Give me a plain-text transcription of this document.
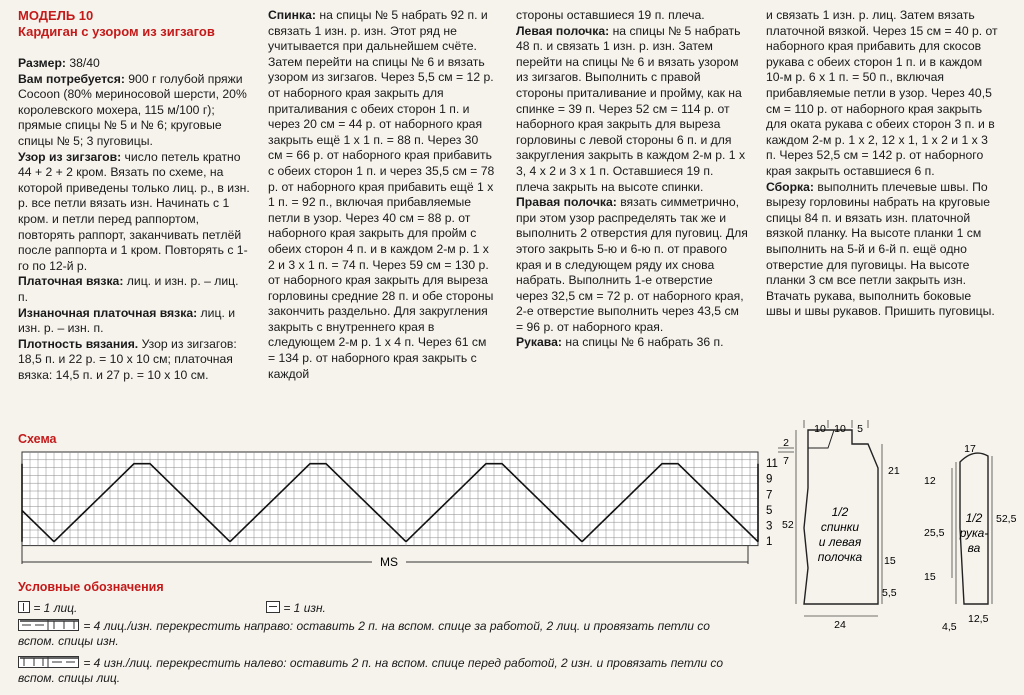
МОДЕЛЬ 10

Кардиган с узором из зигзагов

Размер: 38/40

Вам потребуется: 900 г голубой пряжи Cocoon (80% мериносовой шерсти, 20% королевского мохера, 115 м/100 г); прямые спицы № 5 и № 6; круговые спицы № 5; 3 пуговицы.

Узор из зигзагов: число петель кратно 44 + 2 + 2 кром. Вязать по схеме, на которой приведены только лиц. р., в изн. р. все петли вязать изн. Начинать с 1 кром. и петли перед раппортом, повторять раппорт, заканчивать петлёй после раппорта и 1 кром. Повторять с 1-го по 12-й р.

Платочная вязка: лиц. и изн. р. – лиц. п.

Изнаночная платочная вязка: лиц. и изн. р. – изн. п.

Плотность вязания. Узор из зигзагов: 18,5 п. и 22 р. = 10 х 10 см; платочная вязка: 14,5 п. и 27 р. = 10 х 10 см.

Спинка: на спицы № 5 набрать 92 п. и связать 1 изн. р. изн. Этот ряд не учитывается при дальнейшем счёте. Затем перейти на спицы № 6 и вязать узором из зигзагов. Через 5,5 см = 12 р. от наборного края закрыть для приталивания с обеих сторон 1 п. и через 20 см = 44 р. от наборного края закрыть ещё 1 х 1 п. = 88 п. Через 30 см = 66 р. от наборного края прибавить с обеих сторон 1 п. и через 35,5 см = 78 р. от наборного края прибавить ещё 1 х 1 п. = 92 п., включая прибавляемые петли в узор. Через 40 см = 88 р. от наборного края закрыть для пройм с обеих сторон 4 п. и в каждом 2-м р. 1 х 2 и 3 х 1 п. = 74 п. Через 59 см = 130 р. от наборного края закрыть для выреза горловины средние 28 п. и обе стороны закончить раздельно. Для закругления закрыть с внутреннего края в следующем 2-м р. 1 х 4 п. Через 61 см = 134 р. от наборного края закрыть с каждой

стороны оставшиеся 19 п. плеча.

Левая полочка: на спицы № 5 набрать 48 п. и связать 1 изн. р. изн. Затем перейти на спицы № 6 и вязать узором из зигзагов. Выполнить с правой стороны приталивание и пройму, как на спинке = 39 п. Через 52 см = 114 р. от наборного края закрыть для выреза горловины с левой стороны 6 п. и для закругления закрыть в каждом 2-м р. 1 х 3, 4 х 2 и 3 х 1 п. Оставшиеся 19 п. плеча закрыть на высоте спинки.

Правая полочка: вязать симметрично, при этом узор распределять так же и выполнить 2 отверстия для пуговиц. Для этого закрыть 5-ю и 6-ю п. от правого края и в следующем ряду их снова набрать. Выполнить 1-е отверстие через 32,5 см = 72 р. от наборного края, 2-е отверстие выполнить через 43,5 см = 96 р. от наборного края.

Рукава: на спицы № 6 набрать 36 п.

и связать 1 изн. р. лиц. Затем вязать платочной вязкой. Через 15 см = 40 р. от наборного края прибавить для скосов рукава с обеих сторон 1 п. и в каждом 10-м р. 6 х 1 п. = 50 п., включая прибавляемые петли в узор. Через 40,5 см = 110 р. от наборного края закрыть для оката рукава с обеих сторон 3 п. и в каждом 2-м р. 1 х 2, 12 х 1, 1 х 2 и 1 х 3 п. Через 52,5 см = 142 р. от наборного края закрыть оставшиеся 6 п.

Сборка: выполнить плечевые швы. По вырезу горловины набрать на круговые спицы 84 п. и вязать изн. платочной вязкой планку. На высоте планки 1 см выполнить на 5-й и 6-й п. ещё одно отверстие для пуговицы. На высоте планки 3 см все петли закрыть изн. Втачать рукава, выполнить боковые швы и швы рукавов. Пришить пуговицы.

Схема
11
9
7
5
3
1
MS
Условные обозначения
= 1 лиц.	= 1 изн.
= 4 лиц./изн. перекрестить направо: оставить 2 п. на вспом. спице за работой, 2 лиц. и провязать петли со вспом. спицы изн.
= 4 изн./лиц. перекрестить налево: оставить 2 п. на вспом. спице перед работой, 2 изн. и провязать петли со вспом. спицы лиц.
10 10 5
2
7
21
52
15
5,5
24
1/2
спинки
и левая
полочка
17
12
25,5
52,5
15
4,5
12,5
1/2
рука-
ва
